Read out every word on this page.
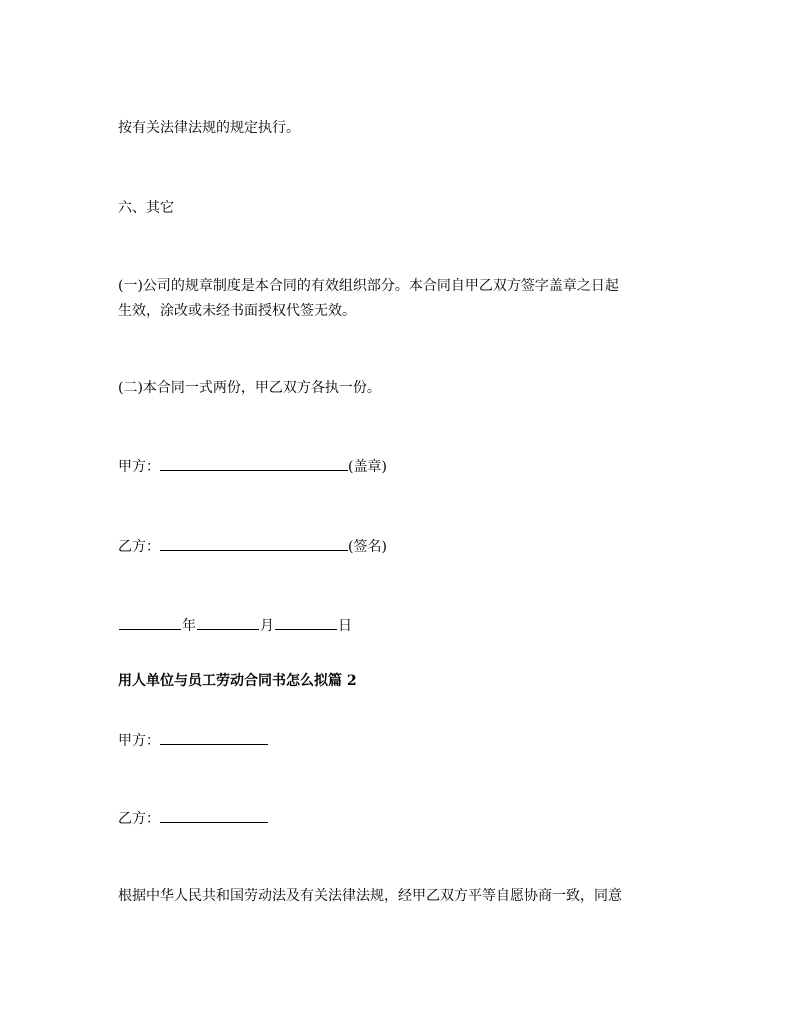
按有关法律法规的规定执行。

六、其它

(一)公司的规章制度是本合同的有效组织部分。本合同自甲乙双方签字盖章之日起

生效，涂改或未经书面授权代签无效。

(二)本合同一式两份，甲乙双方各执一份。

甲方：	(盖章)

乙方：	(签名)

年	月	日

用人单位与员工劳动合同书怎么拟篇 2

甲方：

乙方：

根据中华人民共和国劳动法及有关法律法规，经甲乙双方平等自愿协商一致，同意
